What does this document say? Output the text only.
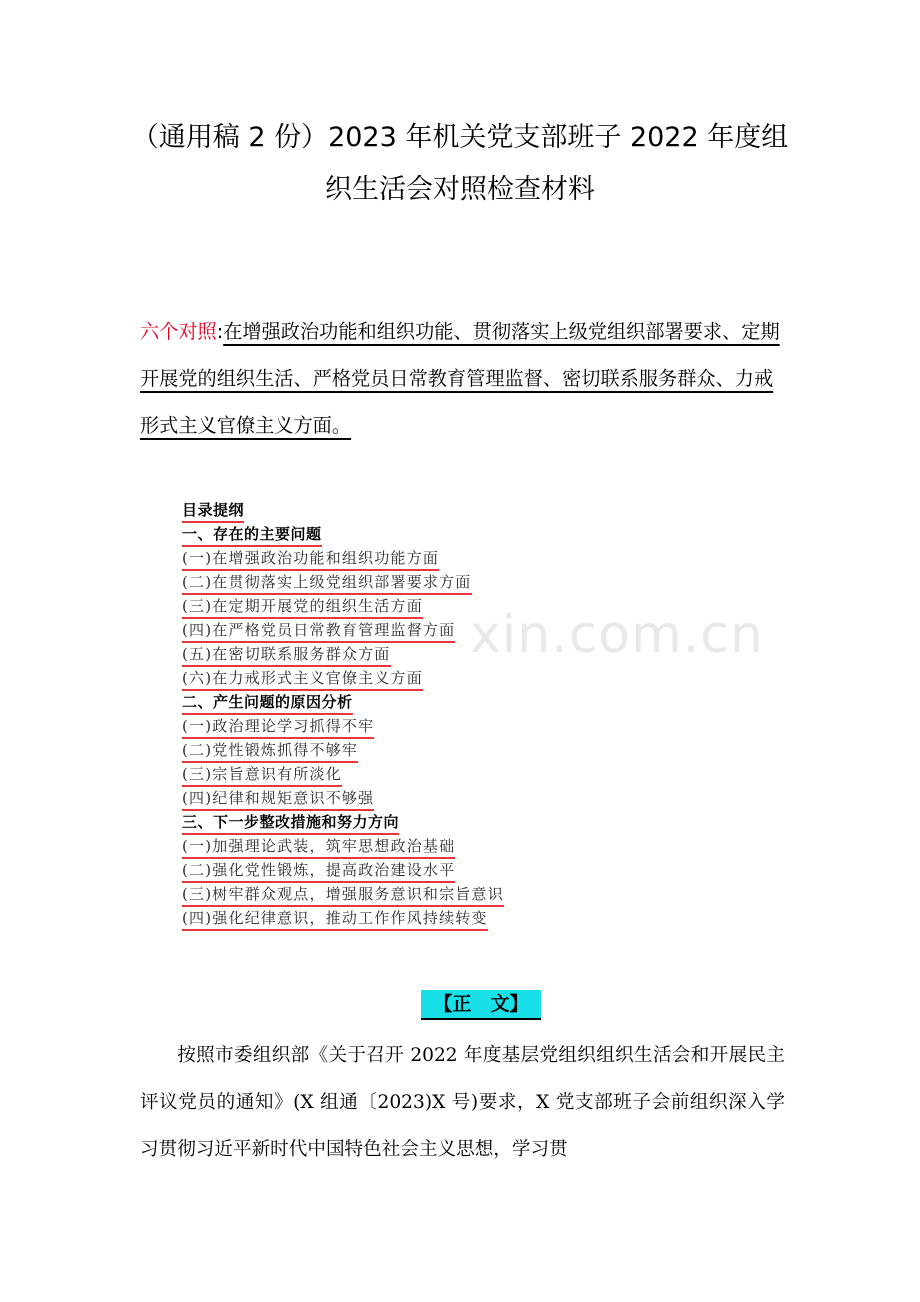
（通用稿 2 份）2023 年机关党支部班子 2022 年度组
织生活会对照检查材料
六个对照:在增强政治功能和组织功能、贯彻落实上级党组织部署要求、定期开展党的组织生活、严格党员日常教育管理监督、密切联系服务群众、力戒形式主义官僚主义方面。
xin.com.cn
目录提纲
一、存在的主要问题
(一)在增强政治功能和组织功能方面
(二)在贯彻落实上级党组织部署要求方面
(三)在定期开展党的组织生活方面
(四)在严格党员日常教育管理监督方面
(五)在密切联系服务群众方面
(六)在力戒形式主义官僚主义方面
二、产生问题的原因分析
(一)政治理论学习抓得不牢
(二)党性锻炼抓得不够牢
(三)宗旨意识有所淡化
(四)纪律和规矩意识不够强
三、下一步整改措施和努力方向
(一)加强理论武装，筑牢思想政治基础
(二)强化党性锻炼，提高政治建设水平
(三)树牢群众观点，增强服务意识和宗旨意识
(四)强化纪律意识，推动工作作风持续转变
【正　文】
按照市委组织部《关于召开 2022 年度基层党组织组织生活会和开展民主评议党员的通知》(X 组通〔2023)X 号)要求，X 党支部班子会前组织深入学习贯彻习近平新时代中国特色社会主义思想，学习贯
